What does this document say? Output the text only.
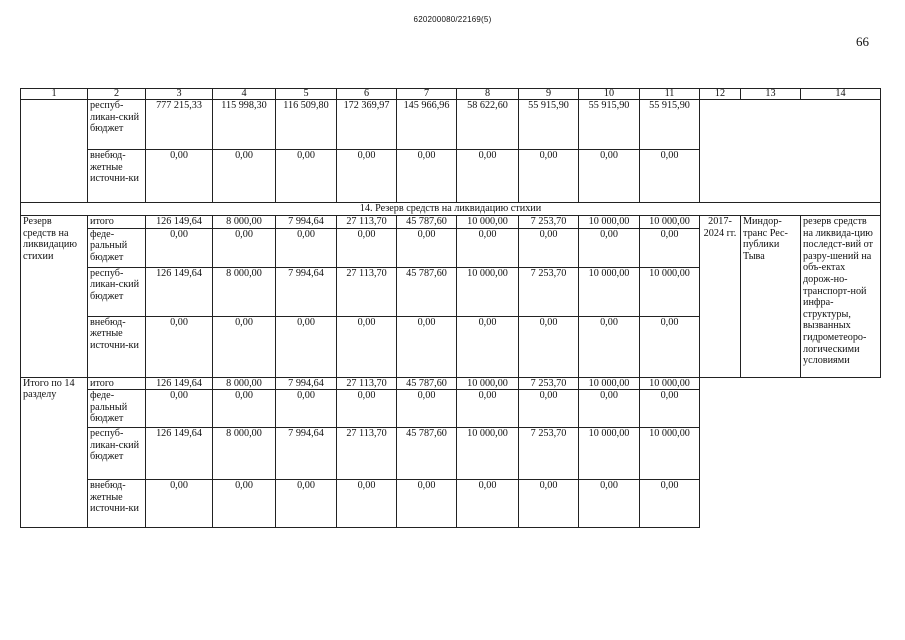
620200080/22169(5)
66
1	2	3	4	5	6	7	8	9	10	11	12	13	14
	респуб-ликан-ский бюджет	777 215,33	115 998,30	116 509,80	172 369,97	145 966,96	58 622,60	55 915,90	55 915,90	55 915,90			
	внебюд-жетные источни-ки	0,00	0,00	0,00	0,00	0,00	0,00	0,00	0,00	0,00			
14. Резерв средств на ликвидацию стихии													
Резерв средств на ликвидацию стихии	итого	126 149,64	8 000,00	7 994,64	27 113,70	45 787,60	10 000,00	7 253,70	10 000,00	10 000,00	2017-2024 гг.	Миндор-транс Рес-публики Тыва	резерв средств на ликвида-цию последст-вий от разру-шений на объ-ектах дорож-но-транспорт-ной инфра-структуры, вызванных гидрометеоро-логическими условиями
	феде-ральный бюджет	0,00	0,00	0,00	0,00	0,00	0,00	0,00	0,00	0,00			
	респуб-ликан-ский бюджет	126 149,64	8 000,00	7 994,64	27 113,70	45 787,60	10 000,00	7 253,70	10 000,00	10 000,00			
	внебюд-жетные источни-ки	0,00	0,00	0,00	0,00	0,00	0,00	0,00	0,00	0,00			
Итого по 14 разделу	итого	126 149,64	8 000,00	7 994,64	27 113,70	45 787,60	10 000,00	7 253,70	10 000,00	10 000,00			
	феде-ральный бюджет	0,00	0,00	0,00	0,00	0,00	0,00	0,00	0,00	0,00			
	респуб-ликан-ский бюджет	126 149,64	8 000,00	7 994,64	27 113,70	45 787,60	10 000,00	7 253,70	10 000,00	10 000,00			
	внебюд-жетные источни-ки	0,00	0,00	0,00	0,00	0,00	0,00	0,00	0,00	0,00			
